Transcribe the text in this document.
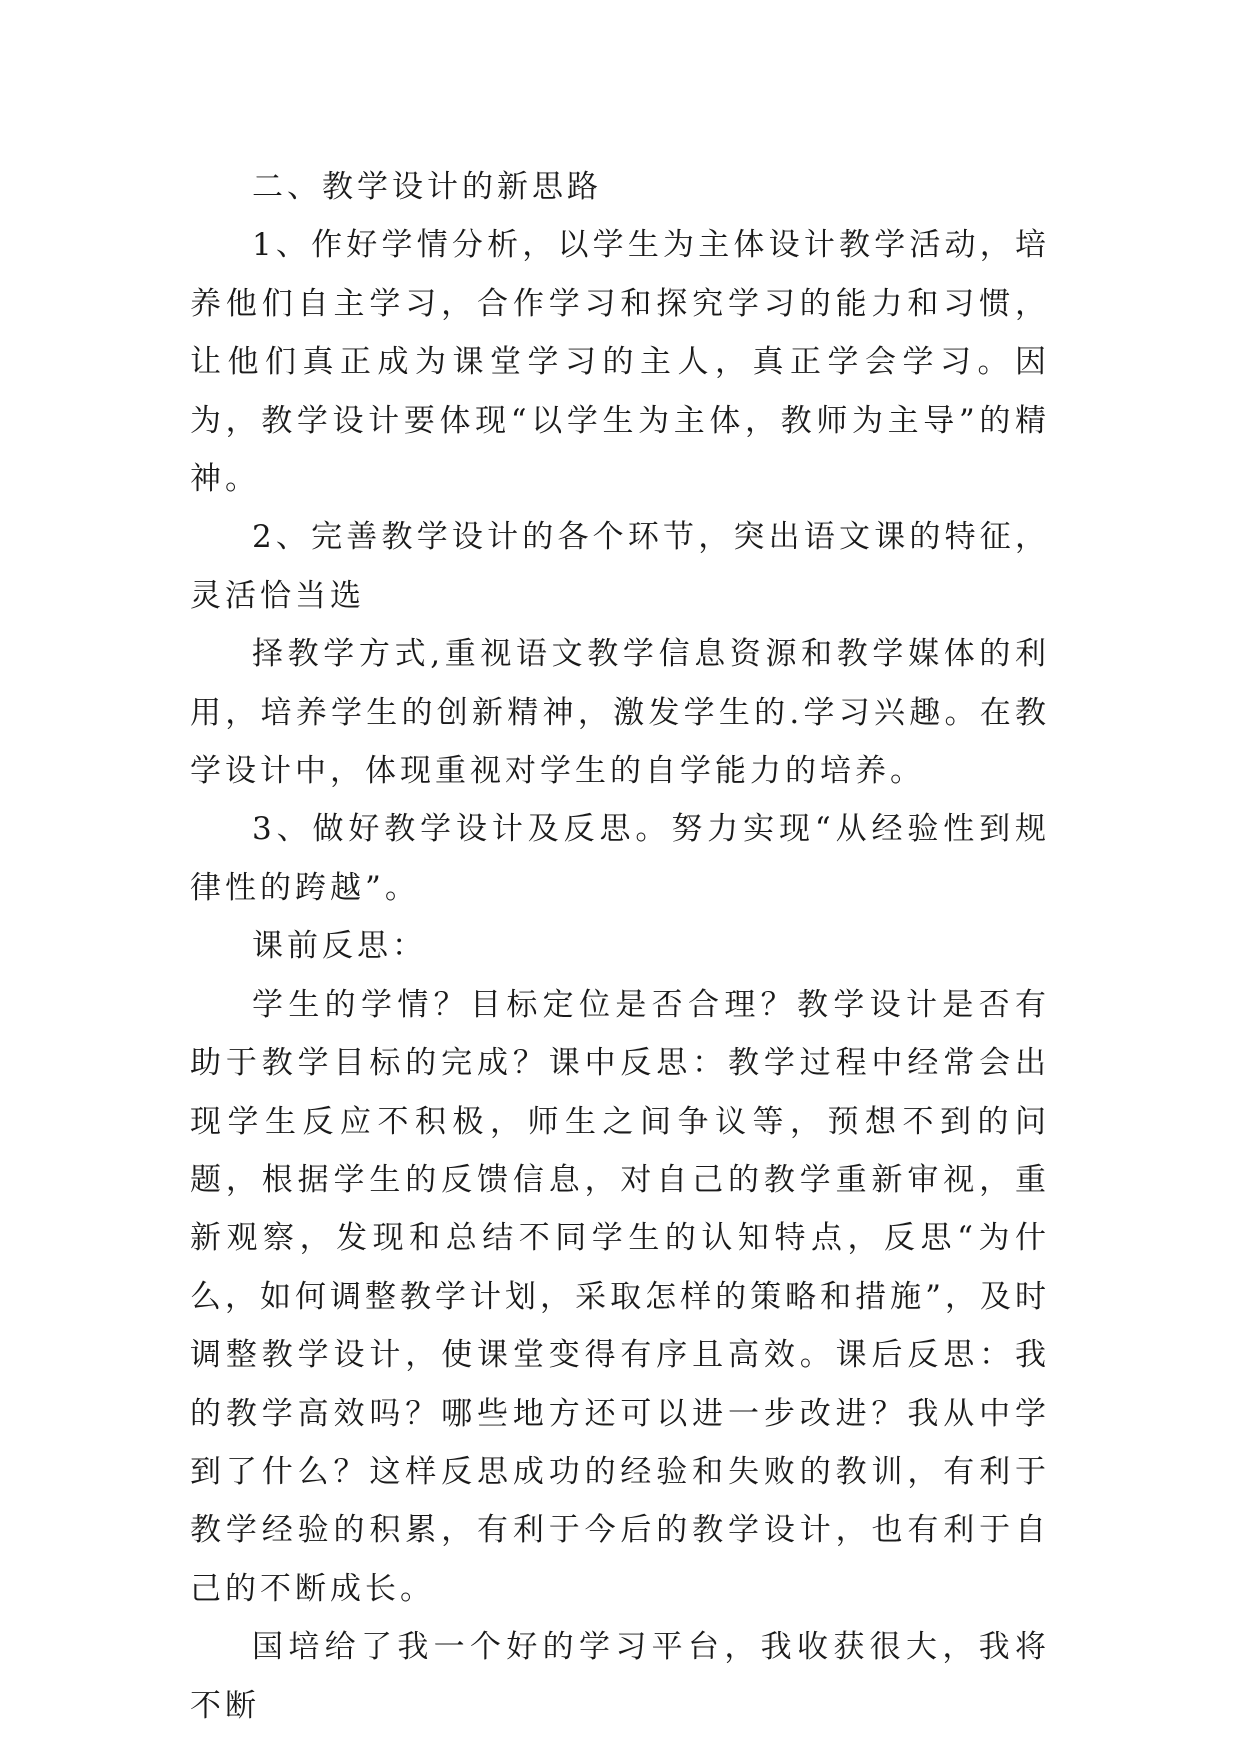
二、教学设计的新思路

1、作好学情分析，以学生为主体设计教学活动，培养他们自主学习，合作学习和探究学习的能力和习惯，让他们真正成为课堂学习的主人，真正学会学习。因为，教学设计要体现“以学生为主体，教师为主导”的精神。

2、完善教学设计的各个环节，突出语文课的特征，灵活恰当选

择教学方式,重视语文教学信息资源和教学媒体的利用，培养学生的创新精神，激发学生的.学习兴趣。在教学设计中，体现重视对学生的自学能力的培养。

3、做好教学设计及反思。努力实现“从经验性到规律性的跨越”。

课前反思：

学生的学情？目标定位是否合理？教学设计是否有助于教学目标的完成？课中反思：教学过程中经常会出现学生反应不积极，师生之间争议等，预想不到的问题，根据学生的反馈信息，对自己的教学重新审视，重新观察，发现和总结不同学生的认知特点，反思“为什么，如何调整教学计划，采取怎样的策略和措施”，及时调整教学设计，使课堂变得有序且高效。课后反思：我的教学高效吗？哪些地方还可以进一步改进？我从中学到了什么？这样反思成功的经验和失败的教训，有利于教学经验的积累，有利于今后的教学设计，也有利于自己的不断成长。

国培给了我一个好的学习平台，我收获很大，我将不断
